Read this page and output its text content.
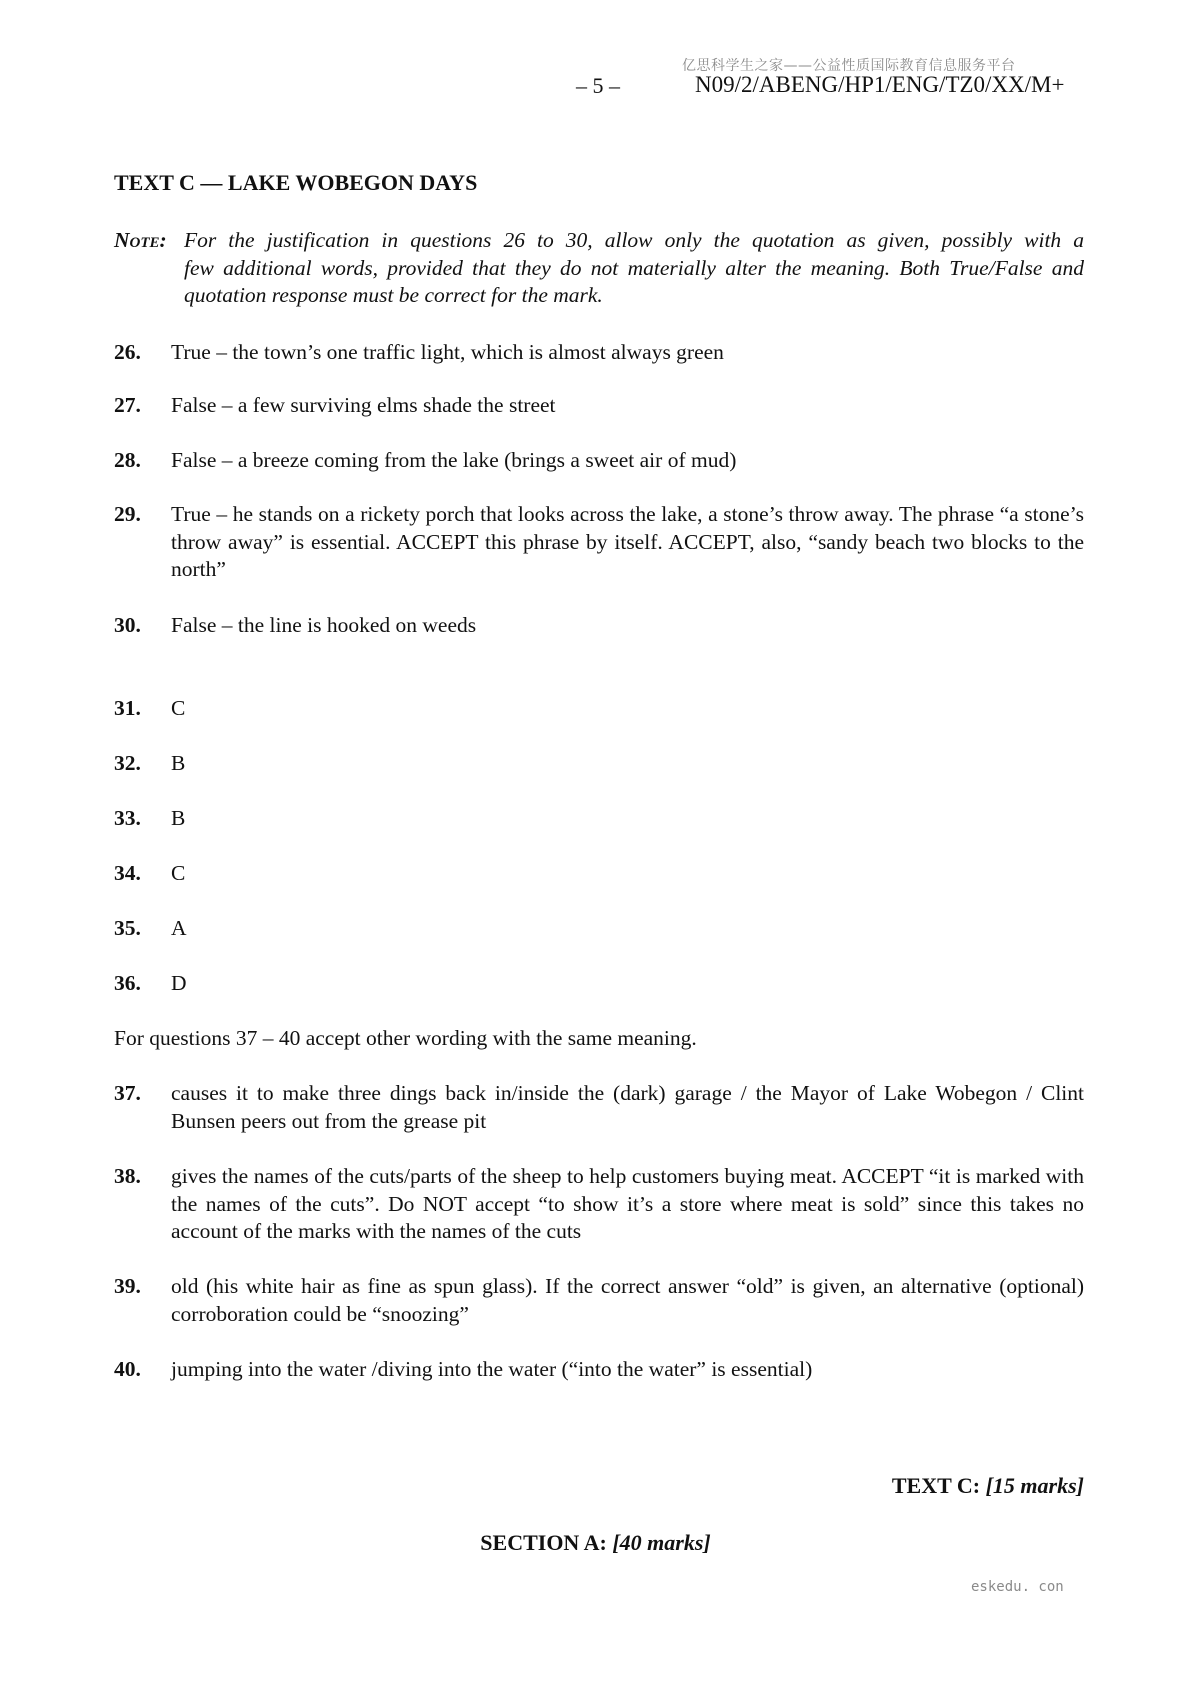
亿思科学生之家——公益性质国际教育信息服务平台
– 5 –	N09/2/ABENG/HP1/ENG/TZ0/XX/M+
TEXT C — LAKE WOBEGON DAYS
Note: For the justification in questions 26 to 30, allow only the quotation as given, possibly with a
few additional words, provided that they do not materially alter the meaning. Both True/False and quotation response must be correct for the mark.
26.	True – the town’s one traffic light, which is almost always green
27.	False – a few surviving elms shade the street
28.	False – a breeze coming from the lake (brings a sweet air of mud)
29.	True – he stands on a rickety porch that looks across the lake, a stone’s throw away. The phrase “a stone’s throw away” is essential. ACCEPT this phrase by itself. ACCEPT, also, “sandy beach two blocks to the north”
30.	False – the line is hooked on weeds
31.	C
32.	B
33.	B
34.	C
35.	A
36.	D
For questions 37 – 40 accept other wording with the same meaning.
37.	causes it to make three dings back in/inside the (dark) garage / the Mayor of Lake Wobegon / Clint Bunsen peers out from the grease pit
38.	gives the names of the cuts/parts of the sheep to help customers buying meat. ACCEPT “it is marked with the names of the cuts”. Do NOT accept “to show it’s a store where meat is sold” since this takes no account of the marks with the names of the cuts
39.	old (his white hair as fine as spun glass). If the correct answer “old” is given, an alternative (optional) corroboration could be “snoozing”
40.	jumping into the water /diving into the water (“into the water” is essential)
TEXT C: [15 marks]
SECTION A: [40 marks]
eskedu. con
